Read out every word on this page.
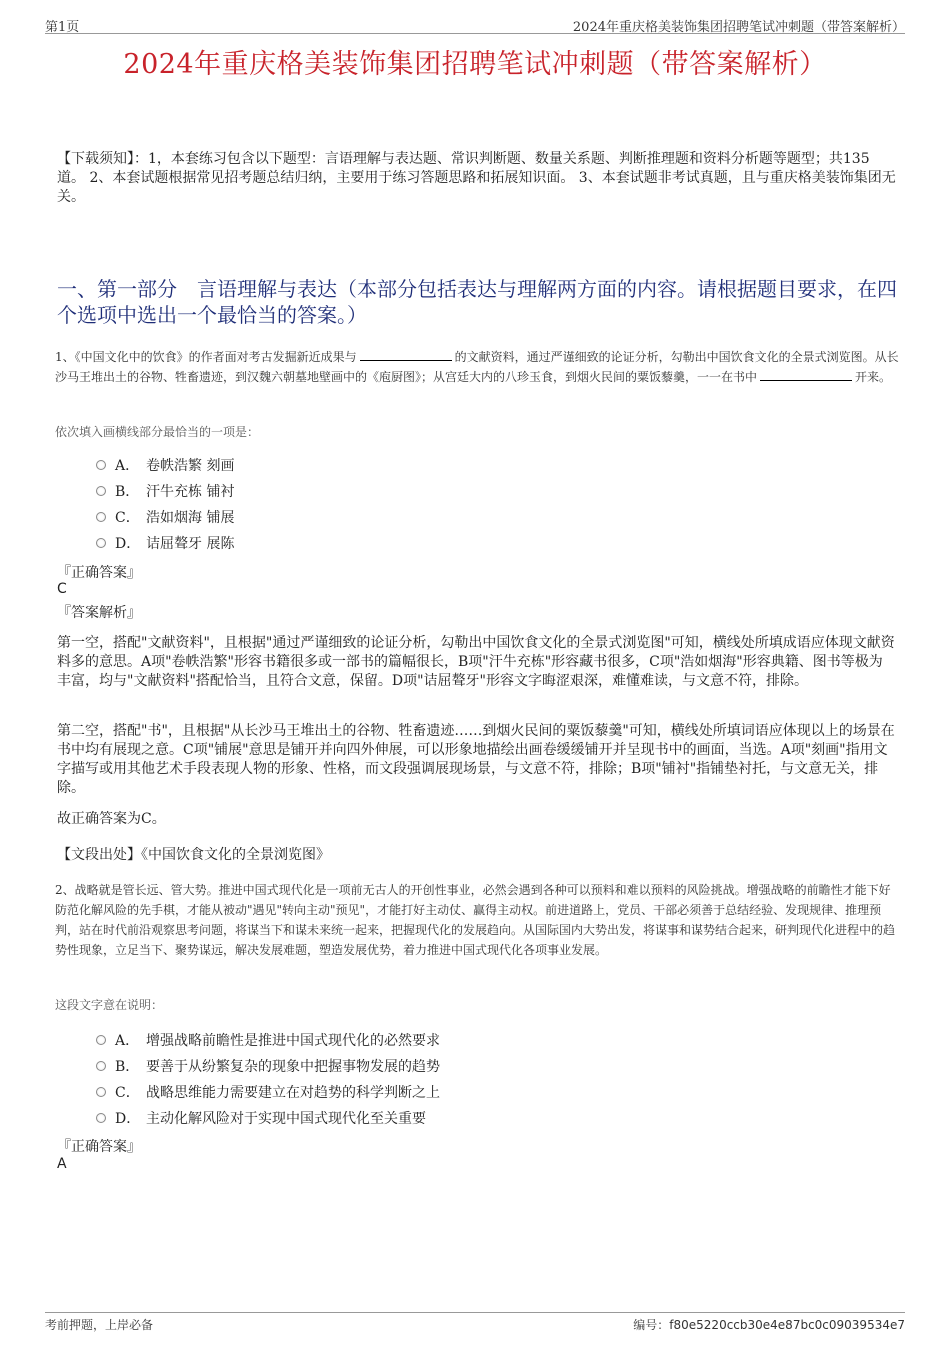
第1页	2024年重庆格美装饰集团招聘笔试冲刺题（带答案解析）
2024年重庆格美装饰集团招聘笔试冲刺题（带答案解析）
【下载须知】：1，本套练习包含以下题型：言语理解与表达题、常识判断题、数量关系题、判断推理题和资料分析题等题型；共135道。 2、本套试题根据常见招考题总结归纳，主要用于练习答题思路和拓展知识面。 3、本套试题非考试真题，且与重庆格美装饰集团无关。
一、第一部分　言语理解与表达（本部分包括表达与理解两方面的内容。请根据题目要求，在四个选项中选出一个最恰当的答案。）
1、《中国文化中的饮食》的作者面对考古发掘新近成果与	的文献资料，通过严谨细致的论证分析，勾勒出中国饮食文化的全景式浏览图。从长沙马王堆出土的谷物、牲畜遗迹，到汉魏六朝墓地壁画中的《庖厨图》；从宫廷大内的八珍玉食，到烟火民间的粟饭藜羹，一一在书中	开来。
依次填入画横线部分最恰当的一项是：
A． 卷帙浩繁 刻画
B． 汗牛充栋 铺衬
C． 浩如烟海 铺展
D． 诘屈聱牙 展陈
『正确答案』
C
『答案解析』
第一空，搭配"文献资料"，且根据"通过严谨细致的论证分析，勾勒出中国饮食文化的全景式浏览图"可知，横线处所填成语应体现文献资料多的意思。A项"卷帙浩繁"形容书籍很多或一部书的篇幅很长，B项"汗牛充栋"形容藏书很多，C项"浩如烟海"形容典籍、图书等极为丰富，均与"文献资料"搭配恰当，且符合文意，保留。D项"诘屈聱牙"形容文字晦涩艰深，难懂难读，与文意不符，排除。
第二空，搭配"书"，且根据"从长沙马王堆出土的谷物、牲畜遗迹……到烟火民间的粟饭藜羹"可知，横线处所填词语应体现以上的场景在书中均有展现之意。C项"铺展"意思是铺开并向四外伸展，可以形象地描绘出画卷缓缓铺开并呈现书中的画面，当选。A项"刻画"指用文字描写或用其他艺术手段表现人物的形象、性格，而文段强调展现场景，与文意不符，排除；B项"铺衬"指铺垫衬托，与文意无关，排除。
故正确答案为C。
【文段出处】《中国饮食文化的全景浏览图》
2、战略就是管长远、管大势。推进中国式现代化是一项前无古人的开创性事业，必然会遇到各种可以预料和难以预料的风险挑战。增强战略的前瞻性才能下好防范化解风险的先手棋，才能从被动"遇见"转向主动"预见"，才能打好主动仗、赢得主动权。前进道路上，党员、干部必须善于总结经验、发现规律、推理预判，站在时代前沿观察思考问题，将谋当下和谋未来统一起来，把握现代化的发展趋向。从国际国内大势出发，将谋事和谋势结合起来，研判现代化进程中的趋势性现象，立足当下、聚势谋远，解决发展难题，塑造发展优势，着力推进中国式现代化各项事业发展。
这段文字意在说明：
A． 增强战略前瞻性是推进中国式现代化的必然要求
B． 要善于从纷繁复杂的现象中把握事物发展的趋势
C． 战略思维能力需要建立在对趋势的科学判断之上
D． 主动化解风险对于实现中国式现代化至关重要
『正确答案』
A
考前押题，上岸必备	编号：f80e5220ccb30e4e87bc0c09039534e7
